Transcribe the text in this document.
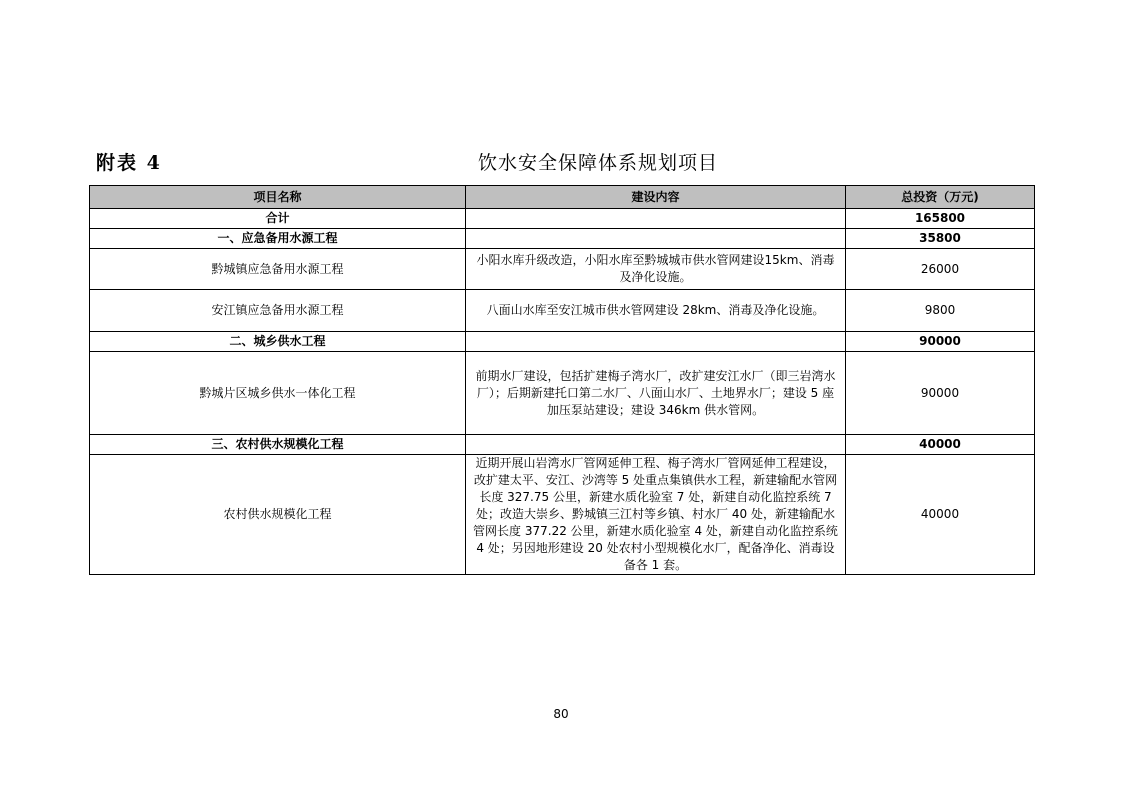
附表 4	饮水安全保障体系规划项目
项目名称	建设内容	总投资（万元)
合计		165800
一、应急备用水源工程		35800
黔城镇应急备用水源工程	小阳水库升级改造，小阳水库至黔城城市供水管网建设15km、消毒及净化设施。	26000
安江镇应急备用水源工程	八面山水库至安江城市供水管网建设 28km、消毒及净化设施。	9800
二、城乡供水工程		90000
黔城片区城乡供水一体化工程	前期水厂建设，包括扩建梅子湾水厂，改扩建安江水厂（即三岩湾水厂）；后期新建托口第二水厂、八面山水厂、土地界水厂；建设 5 座加压泵站建设；建设 346km 供水管网。	90000
三、农村供水规模化工程		40000
农村供水规模化工程	近期开展山岩湾水厂管网延伸工程、梅子湾水厂管网延伸工程建设，改扩建太平、安江、沙湾等 5 处重点集镇供水工程，新建输配水管网长度 327.75 公里，新建水质化验室 7 处，新建自动化监控系统 7 处；改造大崇乡、黔城镇三江村等乡镇、村水厂 40 处，新建输配水管网长度 377.22 公里，新建水质化验室 4 处，新建自动化监控系统 4 处；另因地形建设 20 处农村小型规模化水厂，配备净化、消毒设备各 1 套。	40000
80
